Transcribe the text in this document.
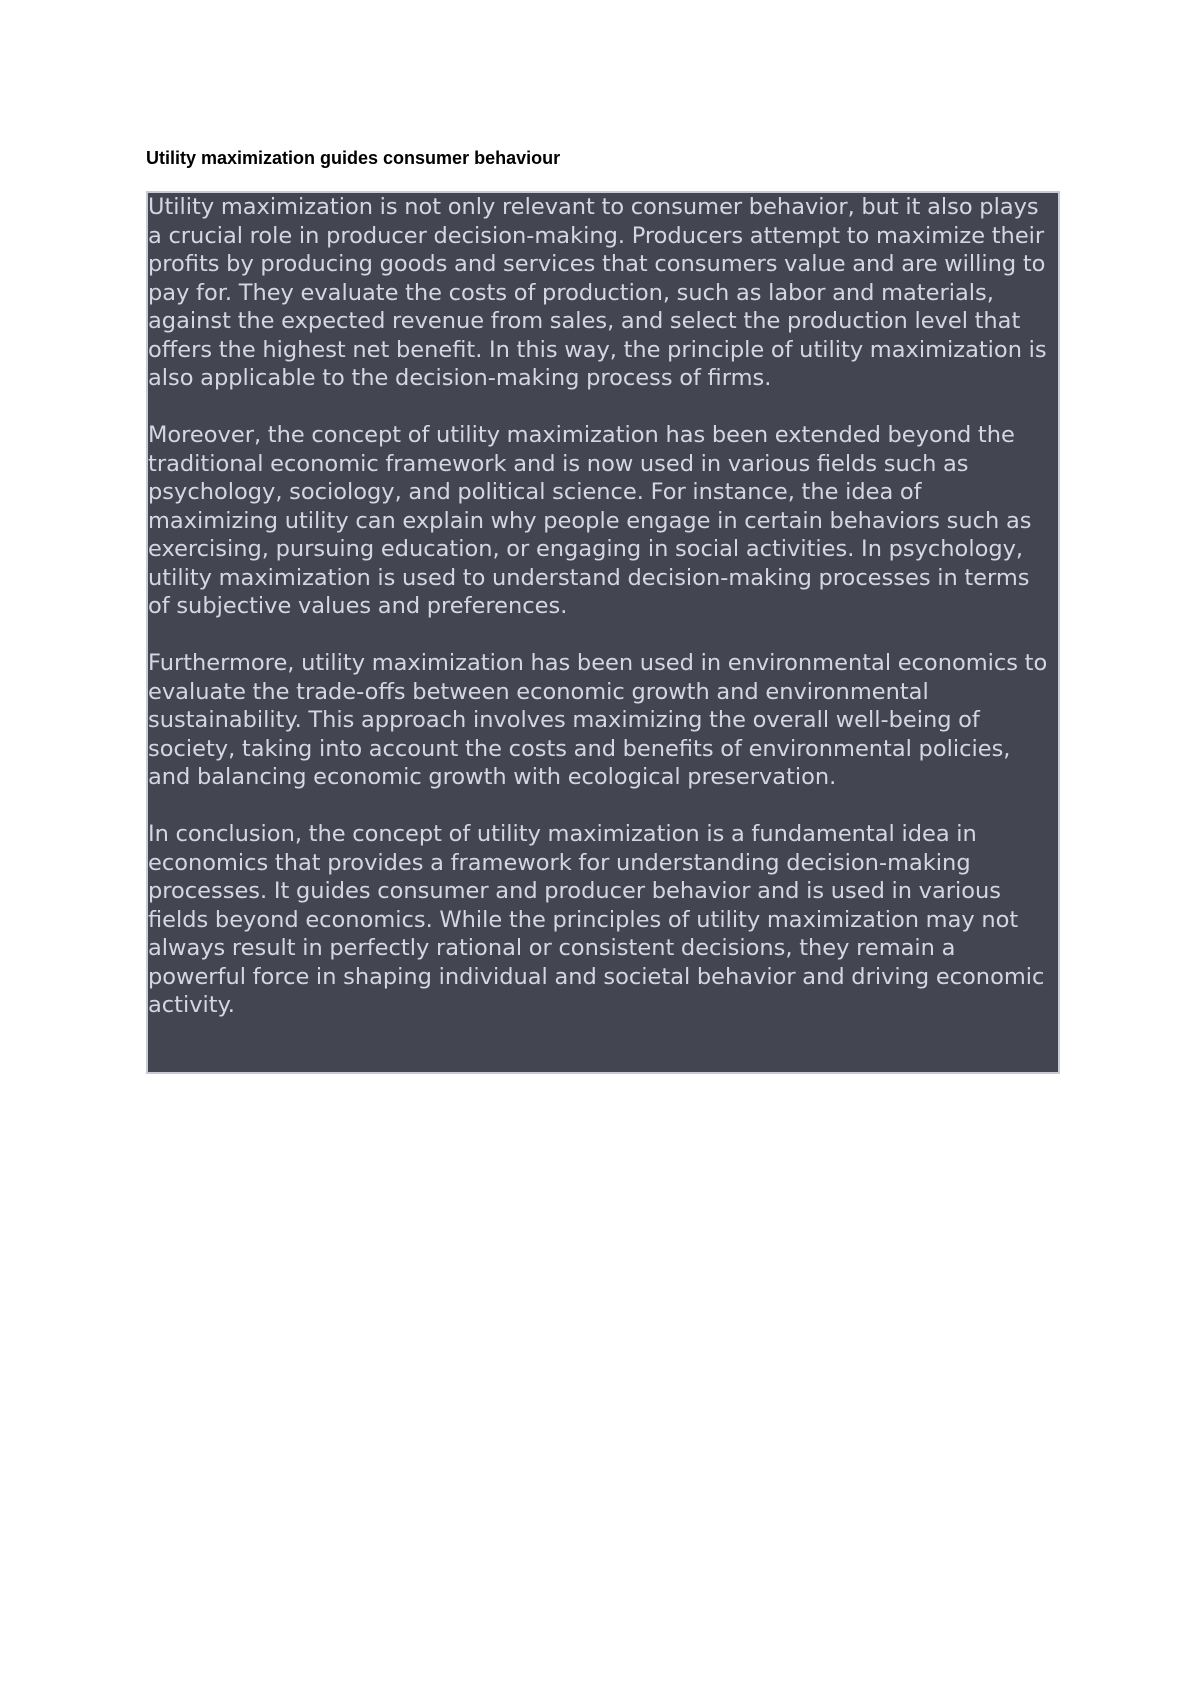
Utility maximization guides consumer behaviour

Utility maximization is not only relevant to consumer behavior, but it also plays a crucial role in producer decision-making. Producers attempt to maximize their profits by producing goods and services that consumers value and are willing to pay for. They evaluate the costs of production, such as labor and materials, against the expected revenue from sales, and select the production level that offers the highest net benefit. In this way, the principle of utility maximization is also applicable to the decision-making process of firms.

Moreover, the concept of utility maximization has been extended beyond the traditional economic framework and is now used in various fields such as psychology, sociology, and political science. For instance, the idea of maximizing utility can explain why people engage in certain behaviors such as exercising, pursuing education, or engaging in social activities. In psychology, utility maximization is used to understand decision-making processes in terms of subjective values and preferences.

Furthermore, utility maximization has been used in environmental economics to evaluate the trade-offs between economic growth and environmental sustainability. This approach involves maximizing the overall well-being of society, taking into account the costs and benefits of environmental policies, and balancing economic growth with ecological preservation.

In conclusion, the concept of utility maximization is a fundamental idea in economics that provides a framework for understanding decision-making processes. It guides consumer and producer behavior and is used in various fields beyond economics. While the principles of utility maximization may not always result in perfectly rational or consistent decisions, they remain a powerful force in shaping individual and societal behavior and driving economic activity.
